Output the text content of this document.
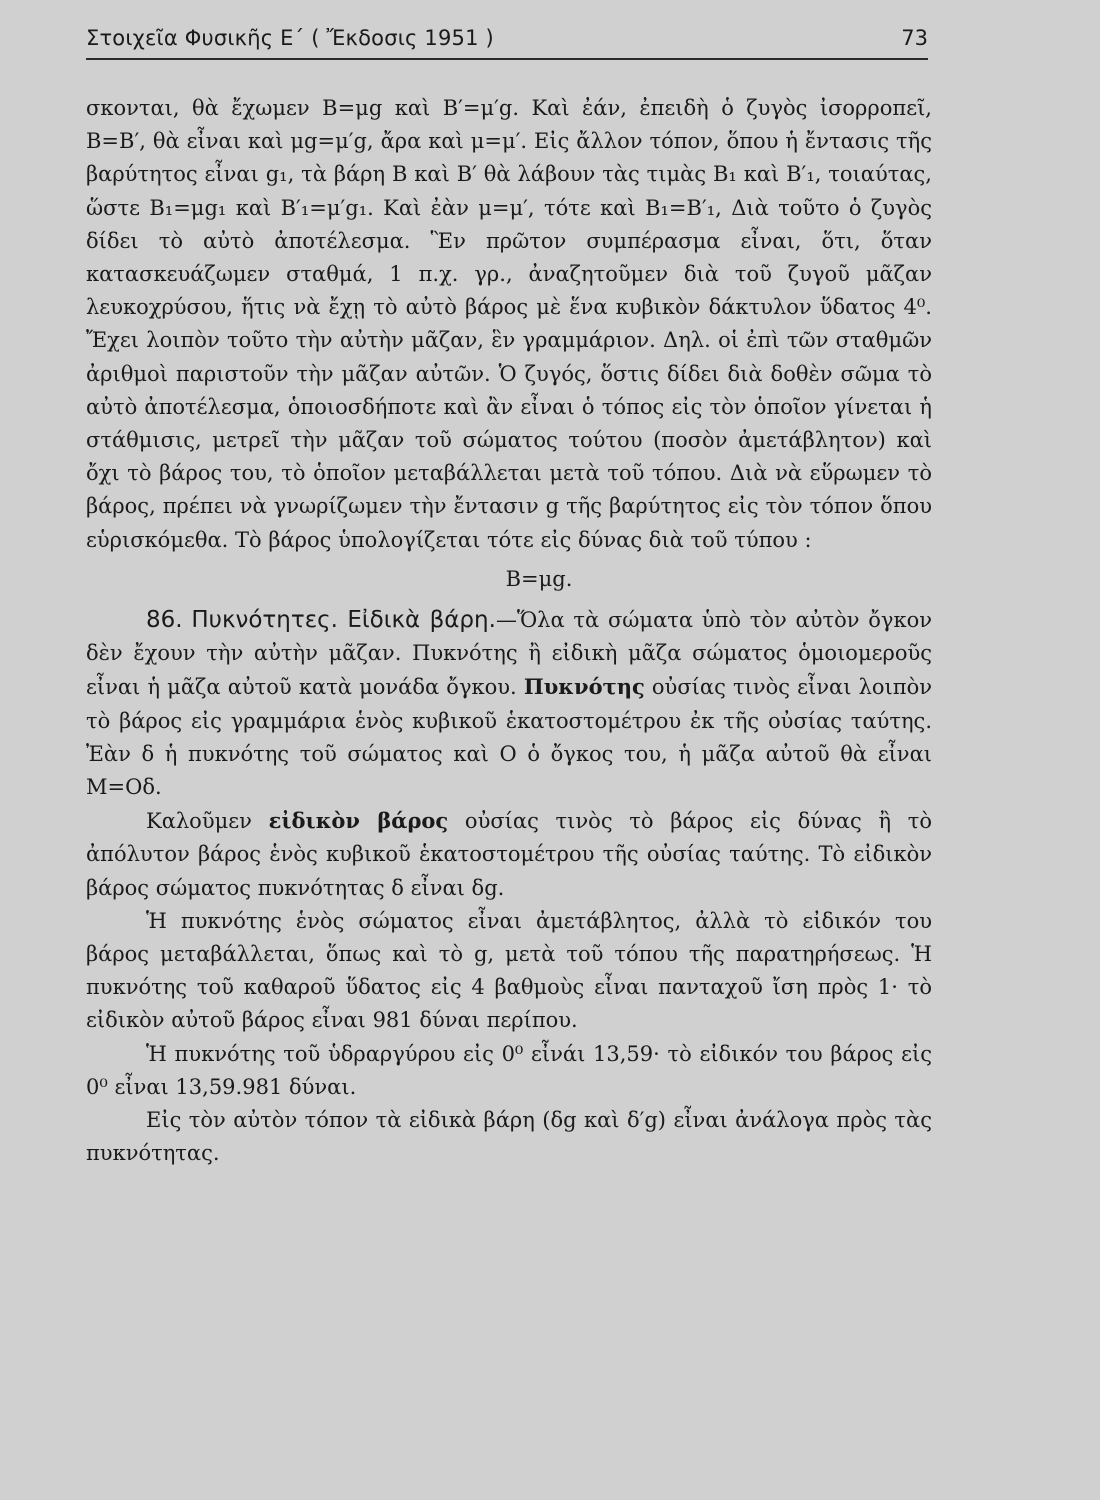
Στοιχεῖα Φυσικῆς Ε΄ ( Ἔκδοσις 1951 )	73

σκονται, θὰ ἔχωμεν Β=μg καὶ Β′=μ′g. Καὶ ἐάν, ἐπειδὴ ὁ ζυγὸς ἰσορροπεῖ, Β=Β′, θὰ εἶναι καὶ μg=μ′g, ἄρα καὶ μ=μ′. Εἰς ἄλλον τόπον, ὅπου ἡ ἔντασις τῆς βαρύτητος εἶναι g₁, τὰ βάρη Β καὶ Β′ θὰ λάβουν τὰς τιμὰς Β₁ καὶ Β′₁, τοιαύτας, ὥστε Β₁=μg₁ καὶ Β′₁=μ′g₁. Καὶ ἐὰν μ=μ′, τότε καὶ Β₁=Β′₁, Διὰ τοῦτο ὁ ζυγὸς δίδει τὸ αὐτὸ ἀποτέλεσμα. Ἓν πρῶτον συμπέρασμα εἶναι, ὅτι, ὅταν κατασκευάζωμεν σταθμά, 1 π.χ. γρ., ἀναζητοῦμεν διὰ τοῦ ζυγοῦ μᾶζαν λευκοχρύσου, ἥτις νὰ ἔχῃ τὸ αὐτὸ βάρος μὲ ἕνα κυβικὸν δάκτυλον ὕδατος 4⁰. Ἔχει λοιπὸν τοῦτο τὴν αὐτὴν μᾶζαν, ἓν γραμμάριον. Δηλ. οἱ ἐπὶ τῶν σταθμῶν ἀριθμοὶ παριστοῦν τὴν μᾶζαν αὐτῶν. Ὁ ζυγός, ὅστις δίδει διὰ δοθὲν σῶμα τὸ αὐτὸ ἀποτέλεσμα, ὁποιοσδήποτε καὶ ἂν εἶναι ὁ τόπος εἰς τὸν ὁποῖον γίνεται ἡ στάθμισις, μετρεῖ τὴν μᾶζαν τοῦ σώματος τούτου (ποσὸν ἀμετάβλητον) καὶ ὄχι τὸ βάρος του, τὸ ὁποῖον μεταβάλλεται μετὰ τοῦ τόπου. Διὰ νὰ εὕρωμεν τὸ βάρος, πρέπει νὰ γνωρίζωμεν τὴν ἔντασιν g τῆς βαρύτητος εἰς τὸν τόπον ὅπου εὑρισκόμεθα. Τὸ βάρος ὑπολογίζεται τότε εἰς δύνας διὰ τοῦ τύπου :

Β=μg.

86. Πυκνότητες. Εἰδικὰ βάρη.—Ὅλα τὰ σώματα ὑπὸ τὸν αὐτὸν ὄγκον δὲν ἔχουν τὴν αὐτὴν μᾶζαν. Πυκνότης ἢ εἰδικὴ μᾶζα σώματος ὁμοιομεροῦς εἶναι ἡ μᾶζα αὐτοῦ κατὰ μονάδα ὄγκου. Πυκνότης οὐσίας τινὸς εἶναι λοιπὸν τὸ βάρος εἰς γραμμάρια ἑνὸς κυβικοῦ ἑκατοστομέτρου ἐκ τῆς οὐσίας ταύτης. Ἐὰν δ ἡ πυκνότης τοῦ σώματος καὶ Ο ὁ ὄγκος του, ἡ μᾶζα αὐτοῦ θὰ εἶναι Μ=Οδ.

Καλοῦμεν εἰδικὸν βάρος οὐσίας τινὸς τὸ βάρος εἰς δύνας ἢ τὸ ἀπόλυτον βάρος ἑνὸς κυβικοῦ ἑκατοστομέτρου τῆς οὐσίας ταύτης. Τὸ εἰδικὸν βάρος σώματος πυκνότητας δ εἶναι δg.

Ἡ πυκνότης ἑνὸς σώματος εἶναι ἀμετάβλητος, ἀλλὰ τὸ εἰδικόν του βάρος μεταβάλλεται, ὅπως καὶ τὸ g, μετὰ τοῦ τόπου τῆς παρατηρήσεως. Ἡ πυκνότης τοῦ καθαροῦ ὕδατος εἰς 4 βαθμοὺς εἶναι πανταχοῦ ἴση πρὸς 1· τὸ εἰδικὸν αὐτοῦ βάρος εἶναι 981 δύναι περίπου.

Ἡ πυκνότης τοῦ ὑδραργύρου εἰς 0⁰ εἶνάι 13,59· τὸ εἰδικόν του βάρος εἰς 0⁰ εἶναι 13,59.981 δύναι.

Εἰς τὸν αὐτὸν τόπον τὰ εἰδικὰ βάρη (δg καὶ δ′g) εἶναι ἀνάλογα πρὸς τὰς πυκνότητας.
